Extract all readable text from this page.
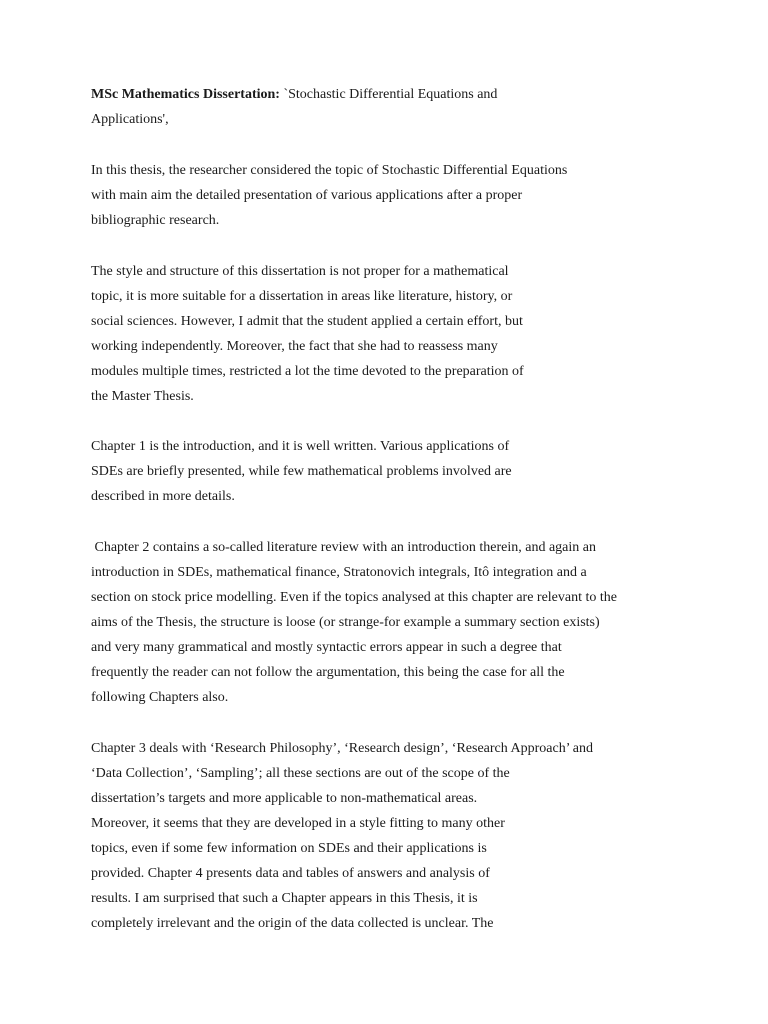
MSc Mathematics Dissertation: `Stochastic Differential Equations and
Applications',
In this thesis, the researcher considered the topic of Stochastic Differential Equations
with main aim the detailed presentation of various applications after a proper
bibliographic research.
The style and structure of this dissertation is not proper for a mathematical
topic, it is more suitable for a dissertation in areas like literature, history, or
social sciences. However, I admit that the student applied a certain effort, but
working independently. Moreover, the fact that she had to reassess many
modules multiple times, restricted a lot the time devoted to the preparation of
the Master Thesis.
Chapter 1 is the introduction, and it is well written. Various applications of
SDEs are briefly presented, while few mathematical problems involved are
described in more details.
Chapter 2 contains a so-called literature review with an introduction therein, and again an
introduction in SDEs, mathematical finance, Stratonovich integrals, Itô integration and a
section on stock price modelling. Even if the topics analysed at this chapter are relevant to the
aims of the Thesis, the structure is loose (or strange-for example a summary section exists)
and very many grammatical and mostly syntactic errors appear in such a degree that
frequently the reader can not follow the argumentation, this being the case for all the
following Chapters also.
Chapter 3 deals with ‘Research Philosophy’, ‘Research design’, ‘Research Approach’ and
‘Data Collection’, ‘Sampling’; all these sections are out of the scope of the
dissertation’s targets and more applicable to non-mathematical areas.
Moreover, it seems that they are developed in a style fitting to many other
topics, even if some few information on SDEs and their applications is
provided. Chapter 4 presents data and tables of answers and analysis of
results. I am surprised that such a Chapter appears in this Thesis, it is
completely irrelevant and the origin of the data collected is unclear. The
